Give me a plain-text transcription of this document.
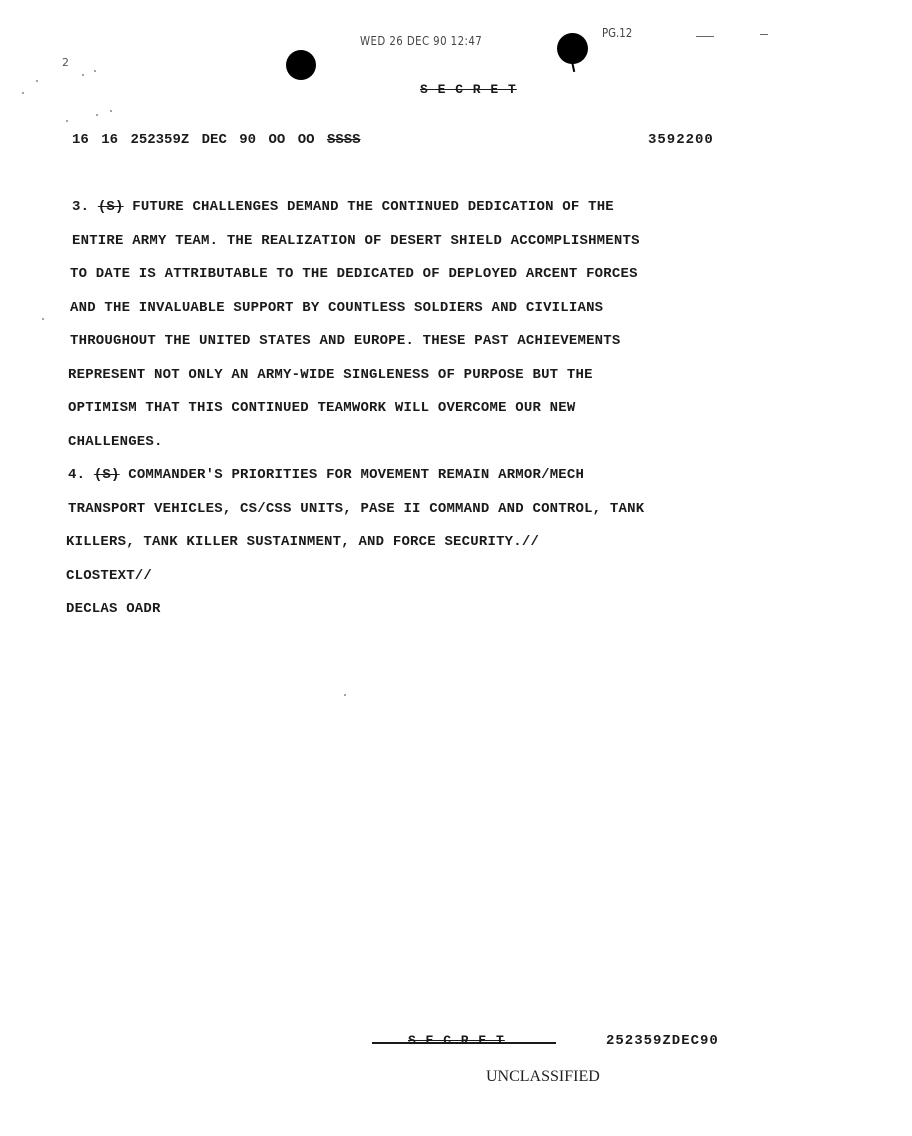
WED 26 DEC 90 12:47
PG.12
2
S E C R E T
16 16 252359Z DEC 90 OO OO SSSS	3592200
3. (S) FUTURE CHALLENGES DEMAND THE CONTINUED DEDICATION OF THE
ENTIRE ARMY TEAM. THE REALIZATION OF DESERT SHIELD ACCOMPLISHMENTS
TO DATE IS ATTRIBUTABLE TO THE DEDICATED OF DEPLOYED ARCENT FORCES
AND THE INVALUABLE SUPPORT BY COUNTLESS SOLDIERS AND CIVILIANS
THROUGHOUT THE UNITED STATES AND EUROPE. THESE PAST ACHIEVEMENTS
REPRESENT NOT ONLY AN ARMY-WIDE SINGLENESS OF PURPOSE BUT THE
OPTIMISM THAT THIS CONTINUED TEAMWORK WILL OVERCOME OUR NEW
CHALLENGES.
4. (S) COMMANDER'S PRIORITIES FOR MOVEMENT REMAIN ARMOR/MECH
TRANSPORT VEHICLES, CS/CSS UNITS, PASE II COMMAND AND CONTROL, TANK
KILLERS, TANK KILLER SUSTAINMENT, AND FORCE SECURITY.//
CLOSTEXT//
DECLAS OADR
S E C R E T	252359ZDEC90
UNCLASSIFIED
